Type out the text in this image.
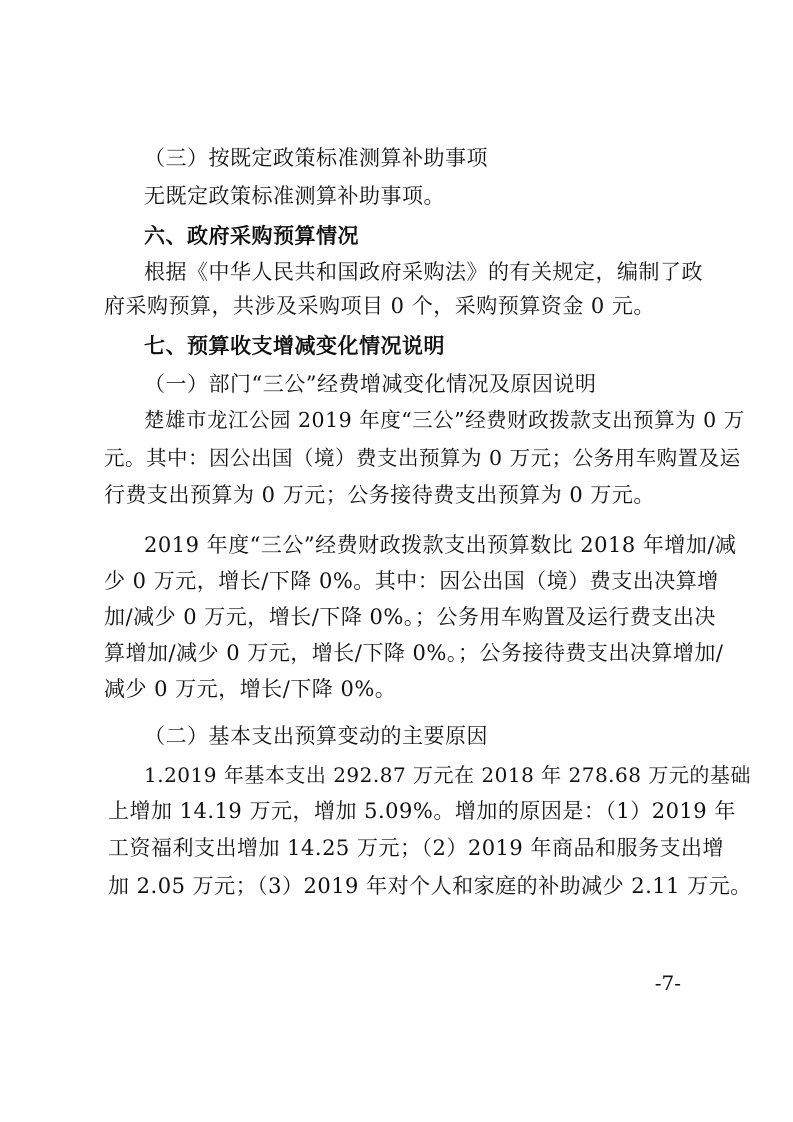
（三）按既定政策标准测算补助事项
无既定政策标准测算补助事项。
六、政府采购预算情况
根据《中华人民共和国政府采购法》的有关规定，编制了政
府采购预算，共涉及采购项目 0 个，采购预算资金 0 元。
七、预算收支增减变化情况说明
（一）部门“三公”经费增减变化情况及原因说明
楚雄市龙江公园 2019 年度“三公”经费财政拨款支出预算为 0 万
元。其中：因公出国（境）费支出预算为 0 万元；公务用车购置及运
行费支出预算为 0 万元；公务接待费支出预算为 0 万元。
2019 年度“三公”经费财政拨款支出预算数比 2018 年增加/减
少 0 万元，增长/下降 0%。其中：因公出国（境）费支出决算增
加/减少 0 万元，增长/下降 0%。；公务用车购置及运行费支出决
算增加/减少 0 万元，增长/下降 0%。；公务接待费支出决算增加/
减少 0 万元，增长/下降 0%。
（二）基本支出预算变动的主要原因
1.2019 年基本支出 292.87 万元在 2018 年 278.68 万元的基础
上增加 14.19 万元，增加 5.09%。增加的原因是：（1）2019 年
工资福利支出增加 14.25 万元；（2）2019 年商品和服务支出增
加 2.05 万元；（3）2019 年对个人和家庭的补助减少 2.11 万元。
-7-
